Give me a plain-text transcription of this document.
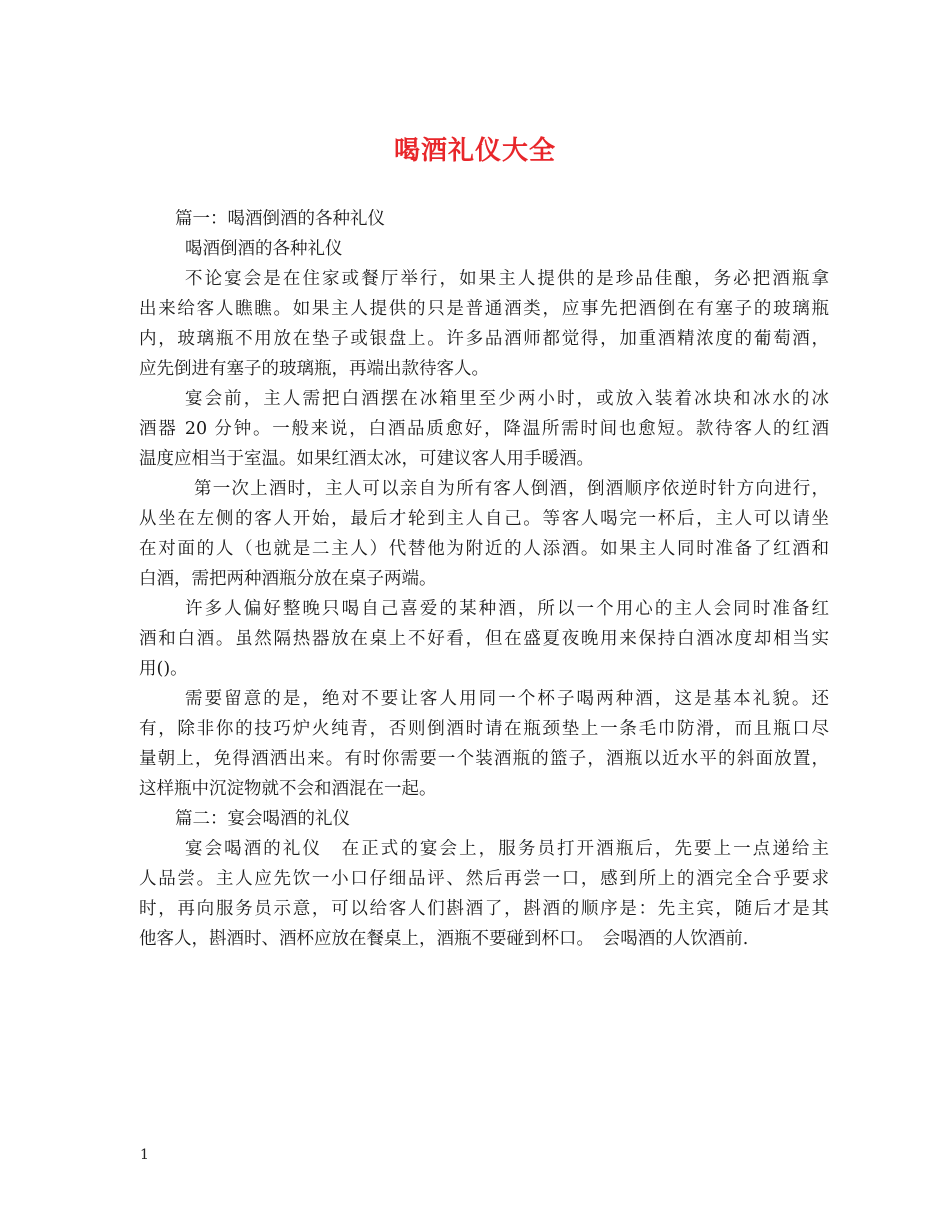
喝酒礼仪大全
篇一：喝酒倒酒的各种礼仪
喝酒倒酒的各种礼仪
不论宴会是在住家或餐厅举行，如果主人提供的是珍品佳酿，务必把酒瓶拿
出来给客人瞧瞧。如果主人提供的只是普通酒类，应事先把酒倒在有塞子的玻璃瓶
内，玻璃瓶不用放在垫子或银盘上。许多品酒师都觉得，加重酒精浓度的葡萄酒，
应先倒进有塞子的玻璃瓶，再端出款待客人。
宴会前，主人需把白酒摆在冰箱里至少两小时，或放入装着冰块和冰水的冰
酒器 20 分钟。一般来说，白酒品质愈好，降温所需时间也愈短。款待客人的红酒
温度应相当于室温。如果红酒太冰，可建议客人用手暖酒。
第一次上酒时，主人可以亲自为所有客人倒酒，倒酒顺序依逆时针方向进行，
从坐在左侧的客人开始，最后才轮到主人自己。等客人喝完一杯后，主人可以请坐
在对面的人（也就是二主人）代替他为附近的人添酒。如果主人同时准备了红酒和
白酒，需把两种酒瓶分放在桌子两端。
许多人偏好整晚只喝自己喜爱的某种酒，所以一个用心的主人会同时准备红
酒和白酒。虽然隔热器放在桌上不好看，但在盛夏夜晚用来保持白酒冰度却相当实
用()。
需要留意的是，绝对不要让客人用同一个杯子喝两种酒，这是基本礼貌。还
有，除非你的技巧炉火纯青，否则倒酒时请在瓶颈垫上一条毛巾防滑，而且瓶口尽
量朝上，免得酒洒出来。有时你需要一个装酒瓶的篮子，酒瓶以近水平的斜面放置，
这样瓶中沉淀物就不会和酒混在一起。
篇二：宴会喝酒的礼仪
宴会喝酒的礼仪　在正式的宴会上，服务员打开酒瓶后，先要上一点递给主
人品尝。主人应先饮一小口仔细品评、然后再尝一口，感到所上的酒完全合乎要求
时，再向服务员示意，可以给客人们斟酒了，斟酒的顺序是：先主宾，随后才是其
他客人，斟酒时、酒杯应放在餐桌上，酒瓶不要碰到杯口。　会喝酒的人饮酒前.
1
